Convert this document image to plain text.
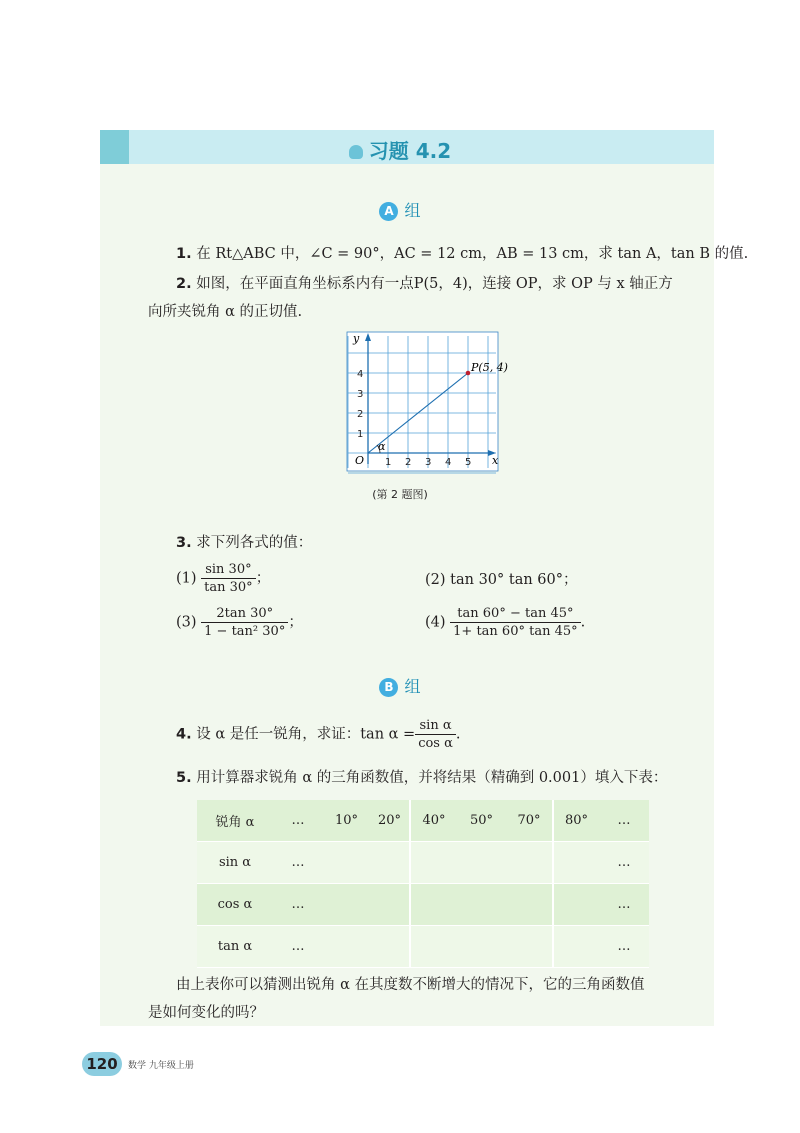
习题 4.2
A 组
1. 在 Rt△ABC 中，∠C = 90°，AC = 12 cm，AB = 13 cm，求 tan A，tan B 的值.
2. 如图，在平面直角坐标系内有一点P(5，4)，连接 OP，求 OP 与 x 轴正方
向所夹锐角 α 的正切值.
P(5, 4)
α
O	x
y
1 2 3 4 5
1
2
3
4
(第 2 题图)
3. 求下列各式的值：
$(1) \frac{\sin 30^\circ}{\tan 30^\circ}$ ；	(2) tan 30° tan 60°；
$(3) \frac{2\tan 30^\circ}{\text{1 − tan² 30°}}$ ；	$(4) \frac{\tan 60^\circ - \tan 45^\circ}{1+ \tan 60^\circ \tan 45^\circ}$ .
B 组
4. 设 α 是任一锐角，求证：$\tan \alpha = \frac{\text{sin α}}{\text{cos α}}$ .
5. 用计算器求锐角 α 的三角函数值，并将结果（精确到 0.001）填入下表：
锐角 α	…	10°	20°	40°	50°	70°	80°	…
sin α	…							…
cos α	…							…
tan α	…							…
由上表你可以猜测出锐角 α 在其度数不断增大的情况下，它的三角函数值
是如何变化的吗？
120	数学 九年级上册
